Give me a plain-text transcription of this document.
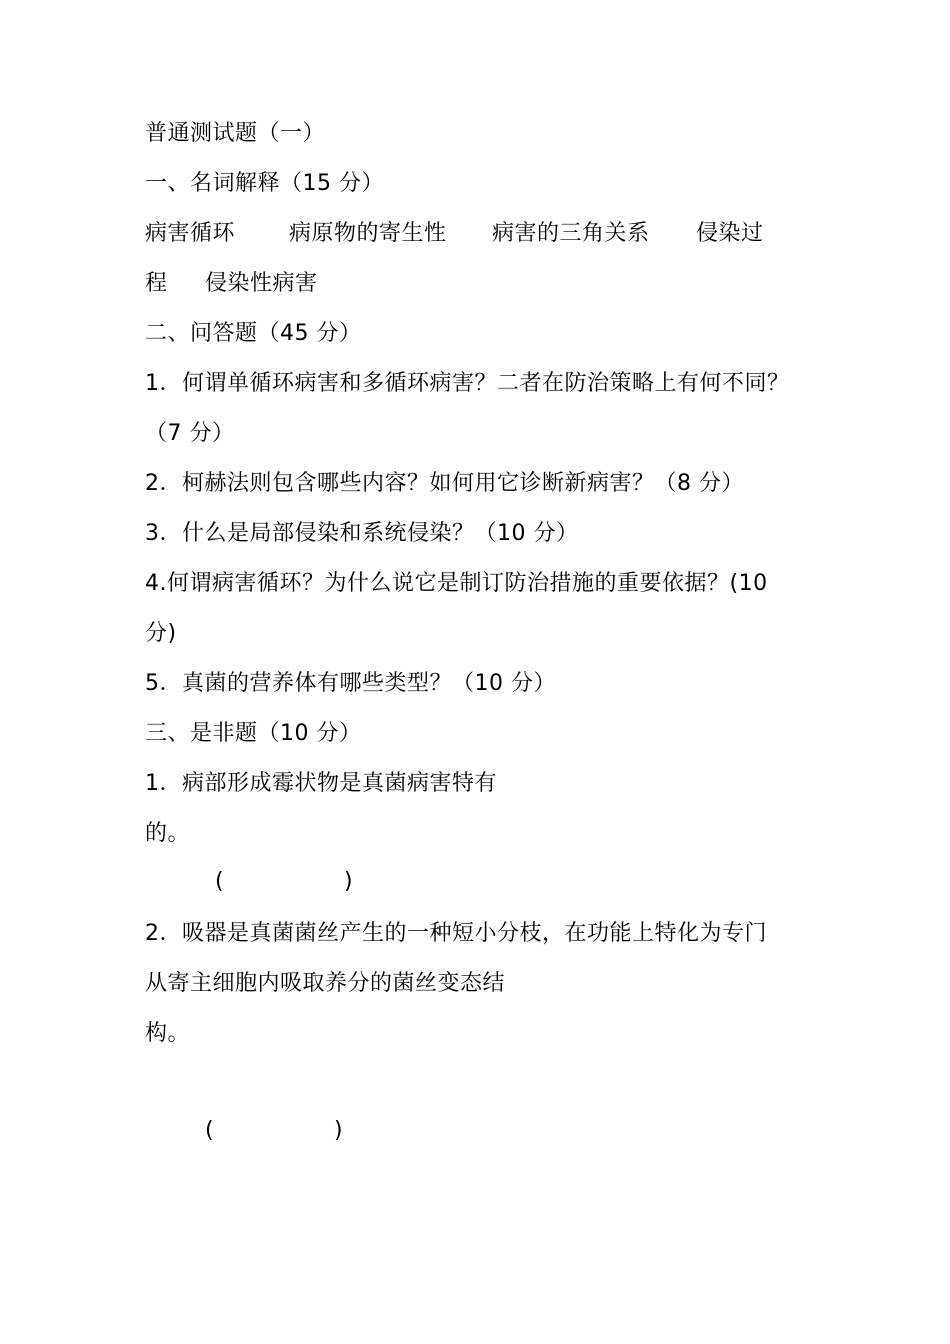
普通测试题（一）
一、名词解释（15 分）
病害循环 病原物的寄生性 病害的三角关系 侵染过
程 侵染性病害
二、问答题（45 分）
1．何谓单循环病害和多循环病害？二者在防治策略上有何不同？
（7 分）
2．柯赫法则包含哪些内容？如何用它诊断新病害？（8 分）
3．什么是局部侵染和系统侵染？（10 分）
4.何谓病害循环？为什么说它是制订防治措施的重要依据？(10
分)
5．真菌的营养体有哪些类型？（10 分）
三、是非题（10 分）
1．病部形成霉状物是真菌病害特有
的。
(                )
2．吸器是真菌菌丝产生的一种短小分枝，在功能上特化为专门
从寄主细胞内吸取养分的菌丝变态结
构。
(                )
